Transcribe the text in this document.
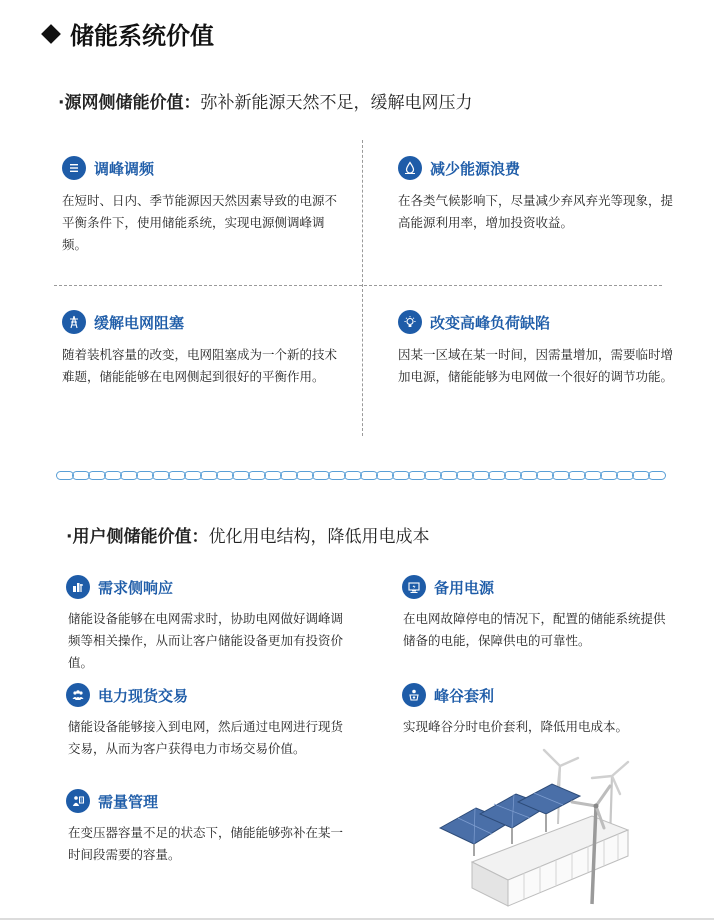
储能系统价值
·源网侧储能价值：弥补新能源天然不足，缓解电网压力
调峰调频
在短时、日内、季节能源因天然因素导致的电源不平衡条件下，使用储能系统，实现电源侧调峰调频。
减少能源浪费
在各类气候影响下，尽量减少弃风弃光等现象，提高能源利用率，增加投资收益。
缓解电网阻塞
随着装机容量的改变，电网阻塞成为一个新的技术难题，储能能够在电网侧起到很好的平衡作用。
改变高峰负荷缺陷
因某一区域在某一时间，因需量增加，需要临时增加电源，储能能够为电网做一个很好的调节功能。
·用户侧储能价值：优化用电结构，降低用电成本
需求侧响应
储能设备能够在电网需求时，协助电网做好调峰调频等相关操作，从而让客户储能设备更加有投资价值。
电力现货交易
储能设备能够接入到电网，然后通过电网进行现货交易，从而为客户获得电力市场交易价值。
需量管理
在变压器容量不足的状态下，储能能够弥补在某一时间段需要的容量。
备用电源
在电网故障停电的情况下，配置的储能系统提供储备的电能，保障供电的可靠性。
峰谷套利
实现峰谷分时电价套利，降低用电成本。
